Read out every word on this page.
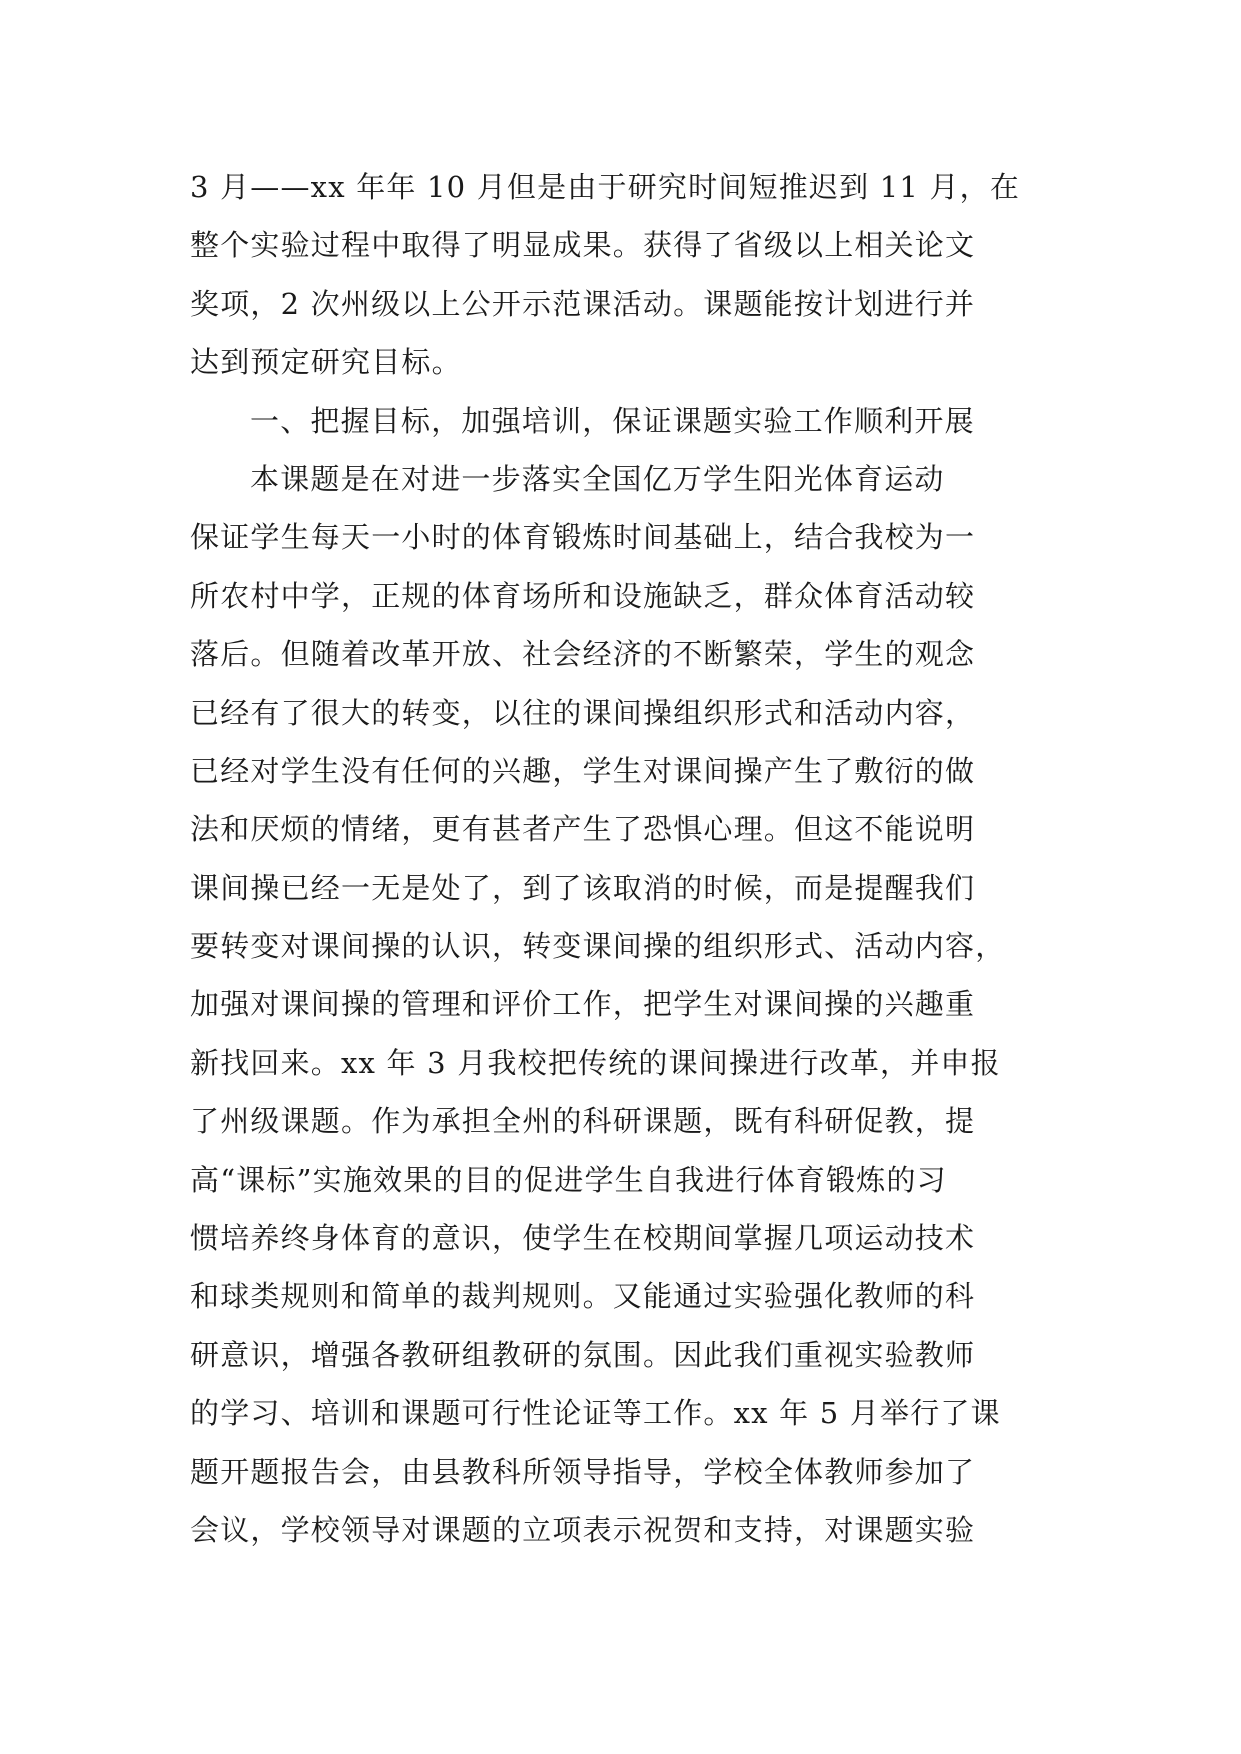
3 月——xx 年年 10 月但是由于研究时间短推迟到 11 月，在
整个实验过程中取得了明显成果。获得了省级以上相关论文
奖项，2 次州级以上公开示范课活动。课题能按计划进行并
达到预定研究目标。
一、把握目标，加强培训，保证课题实验工作顺利开展
本课题是在对进一步落实全国亿万学生阳光体育运动
保证学生每天一小时的体育锻炼时间基础上，结合我校为一
所农村中学，正规的体育场所和设施缺乏，群众体育活动较
落后。但随着改革开放、社会经济的不断繁荣，学生的观念
已经有了很大的转变，以往的课间操组织形式和活动内容，
已经对学生没有任何的兴趣，学生对课间操产生了敷衍的做
法和厌烦的情绪，更有甚者产生了恐惧心理。但这不能说明
课间操已经一无是处了，到了该取消的时候，而是提醒我们
要转变对课间操的认识，转变课间操的组织形式、活动内容，
加强对课间操的管理和评价工作，把学生对课间操的兴趣重
新找回来。xx 年 3 月我校把传统的课间操进行改革，并申报
了州级课题。作为承担全州的科研课题，既有科研促教，提
高“课标”实施效果的目的促进学生自我进行体育锻炼的习
惯培养终身体育的意识，使学生在校期间掌握几项运动技术
和球类规则和简单的裁判规则。又能通过实验强化教师的科
研意识，增强各教研组教研的氛围。因此我们重视实验教师
的学习、培训和课题可行性论证等工作。xx 年 5 月举行了课
题开题报告会，由县教科所领导指导，学校全体教师参加了
会议，学校领导对课题的立项表示祝贺和支持，对课题实验
